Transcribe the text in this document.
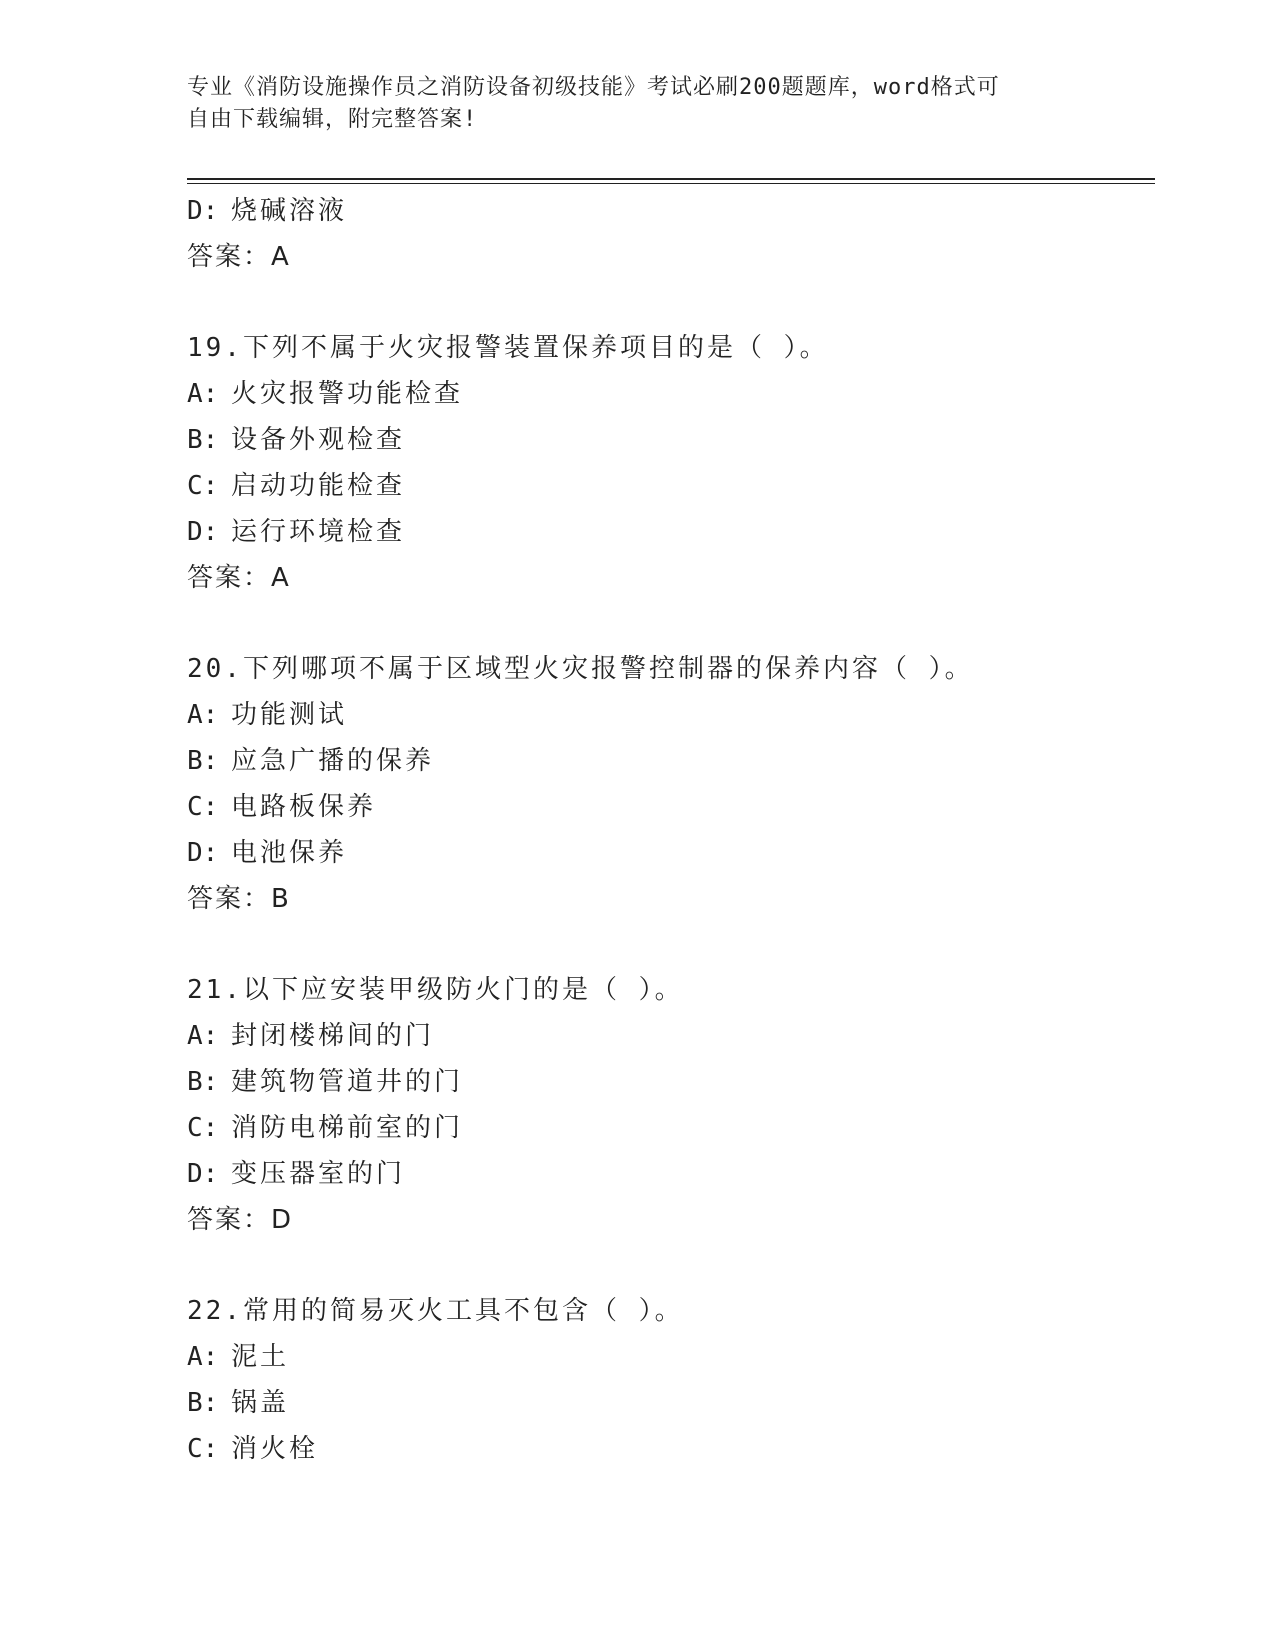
专业《消防设施操作员之消防设备初级技能》考试必刷200题题库，word格式可
自由下载编辑，附完整答案!
D: 烧碱溶液
答案：A
19.下列不属于火灾报警装置保养项目的是（ ）。
A: 火灾报警功能检查
B: 设备外观检查
C: 启动功能检查
D: 运行环境检查
答案：A
20.下列哪项不属于区域型火灾报警控制器的保养内容（ ）。
A: 功能测试
B: 应急广播的保养
C: 电路板保养
D: 电池保养
答案：B
21.以下应安装甲级防火门的是（ ）。
A: 封闭楼梯间的门
B: 建筑物管道井的门
C: 消防电梯前室的门
D: 变压器室的门
答案：D
22.常用的简易灭火工具不包含（ ）。
A: 泥土
B: 锅盖
C: 消火栓
